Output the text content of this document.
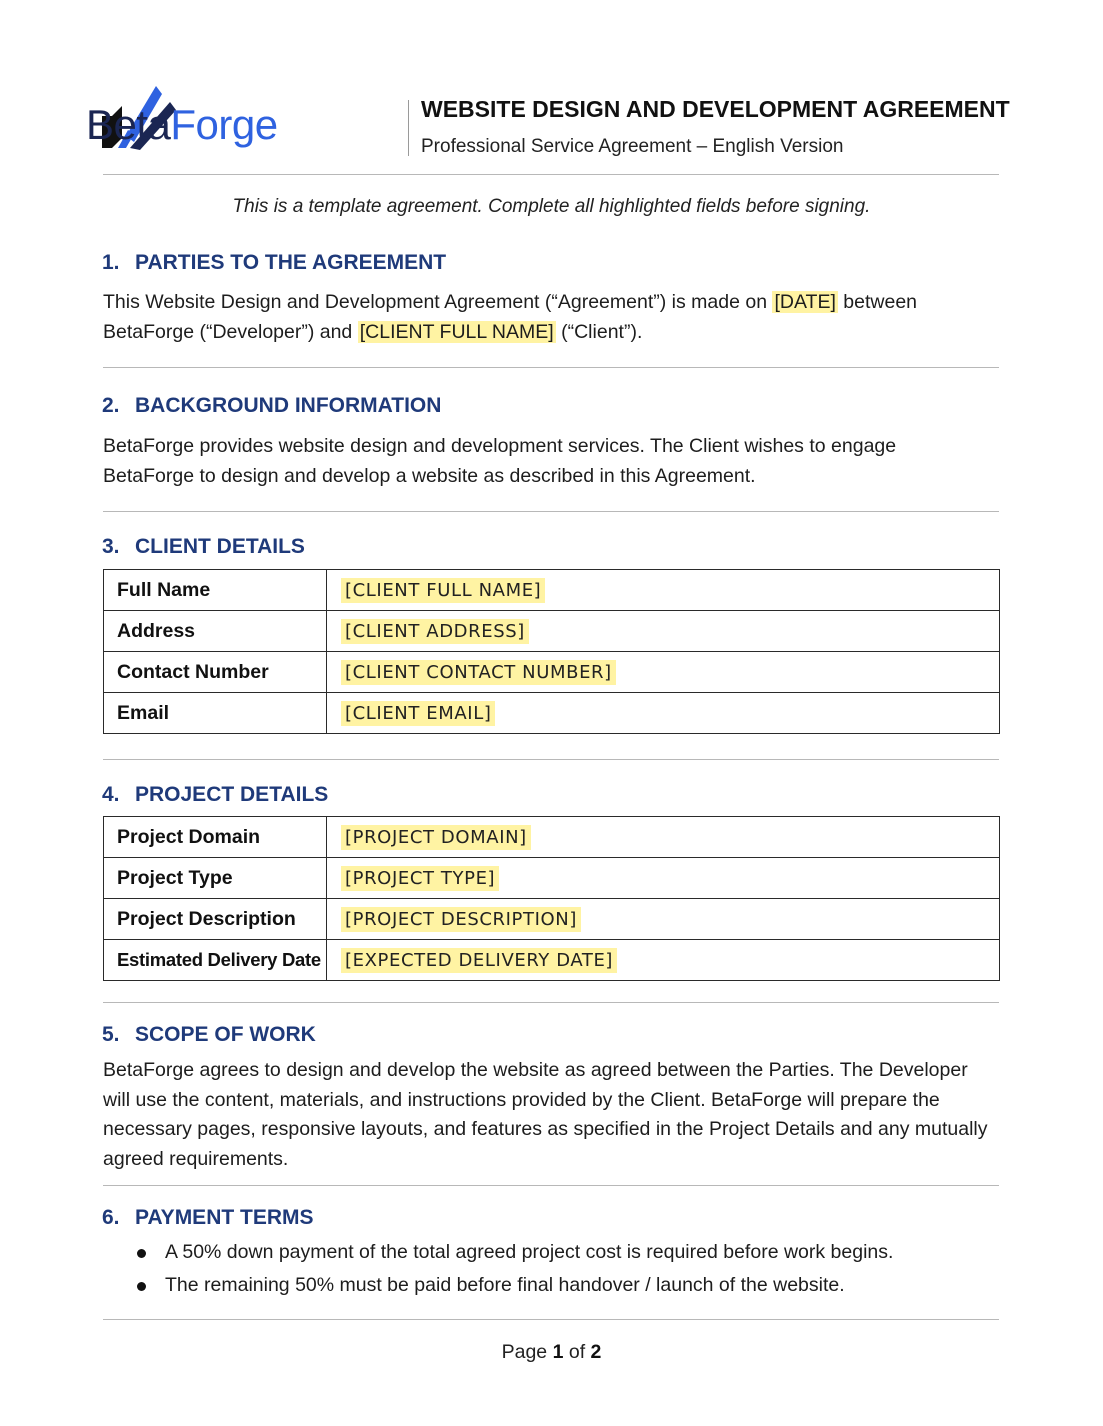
BetaForge	WEBSITE DESIGN AND DEVELOPMENT AGREEMENT
Professional Service Agreement – English Version
This is a template agreement. Complete all highlighted fields before signing.
1. PARTIES TO THE AGREEMENT
This Website Design and Development Agreement (“Agreement”) is made on [DATE] between BetaForge (“Developer”) and [CLIENT FULL NAME] (“Client”).
2. BACKGROUND INFORMATION
BetaForge provides website design and development services. The Client wishes to engage BetaForge to design and develop a website as described in this Agreement.
3. CLIENT DETAILS
Full Name	[CLIENT FULL NAME]
Address	[CLIENT ADDRESS]
Contact Number	[CLIENT CONTACT NUMBER]
Email	[CLIENT EMAIL]
4. PROJECT DETAILS
Project Domain	[PROJECT DOMAIN]
Project Type	[PROJECT TYPE]
Project Description	[PROJECT DESCRIPTION]
Estimated Delivery Date	[EXPECTED DELIVERY DATE]
5. SCOPE OF WORK
BetaForge agrees to design and develop the website as agreed between the Parties. The Developer will use the content, materials, and instructions provided by the Client. BetaForge will prepare the necessary pages, responsive layouts, and features as specified in the Project Details and any mutually agreed requirements.
6. PAYMENT TERMS
A 50% down payment of the total agreed project cost is required before work begins.
The remaining 50% must be paid before final handover / launch of the website.
Page 1 of 2
